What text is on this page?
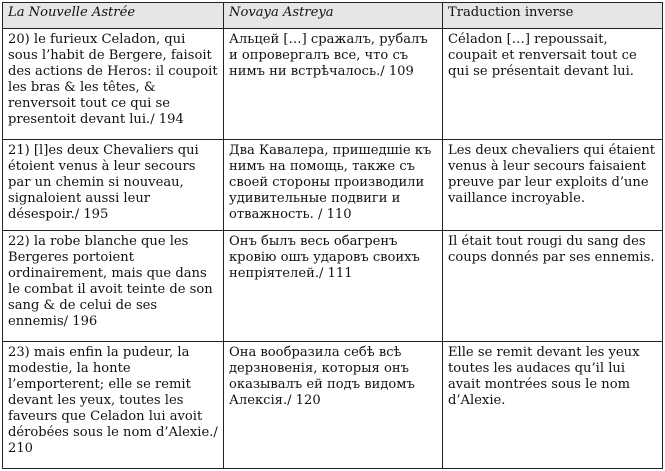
La Nouvelle Astrée	Novaya Astreya	Traduction inverse
20) le furieux Celadon, qui sous l’habit de Bergere, faisoit des actions de Heros: il coupoit les bras & les têtes, & renversoit tout ce qui se presentoit devant lui./ 194	Альцей […] сражалъ, рубалъ и опровергалъ все, что съ нимъ ни встрѣчалось./ 109	Céladon […] repoussait, coupait et renversait tout ce qui se présentait devant lui.
21) [l]es deux Chevaliers qui étoient venus à leur secours par un chemin si nouveau, signaloient aussi leur désespoir./ 195	Два Кавалера, пришедшiе къ нимъ на помощь, также съ своей стороны производили удивительные подвиги и отважность. / 110	Les deux chevaliers qui étaient venus à leur secours faisaient preuve par leur exploits d’une vaillance incroyable.
22) la robe blanche que les Bergeres portoient ordinairement, mais que dans le combat il avoit teinte de son sang & de celui de ses ennemis/ 196	Онъ былъ весь обагренъ кровiю ошъ ударовъ своихъ непрiятелей./ 111	Il était tout rougi du sang des coups donnés par ses ennemis.
23) mais enfin la pudeur, la modestie, la honte l’emporterent; elle se remit devant les yeux, toutes les faveurs que Celadon lui avoit dérobées sous le nom d’Alexie./ 210	Она вообразила себѣ всѣ дерзновенiя, которыя онъ оказывалъ ей подъ видомъ Алексiя./ 120	Elle se remit devant les yeux toutes les audaces qu’il lui avait montrées sous le nom d’Alexie.
